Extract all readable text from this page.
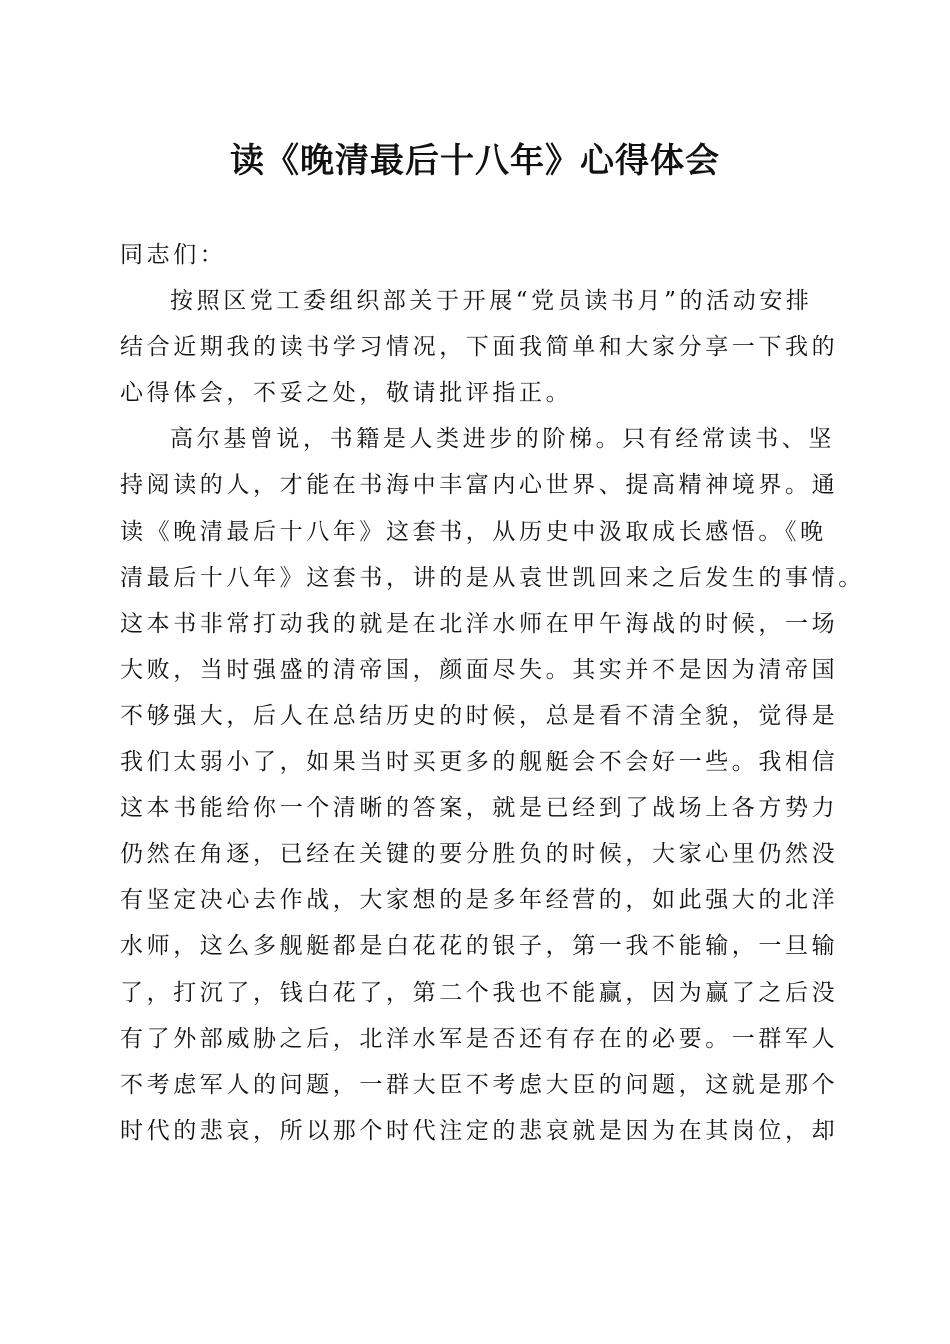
读《晚清最后十八年》心得体会
同志们：
按照区党工委组织部关于开展“党员读书月”的活动安排
结合近期我的读书学习情况，下面我简单和大家分享一下我的
心得体会，不妥之处，敬请批评指正。
高尔基曾说，书籍是人类进步的阶梯。只有经常读书、坚
持阅读的人，才能在书海中丰富内心世界、提高精神境界。通
读《晚清最后十八年》这套书，从历史中汲取成长感悟。《晚
清最后十八年》这套书，讲的是从袁世凯回来之后发生的事情。
这本书非常打动我的就是在北洋水师在甲午海战的时候，一场
大败，当时强盛的清帝国，颜面尽失。其实并不是因为清帝国
不够强大，后人在总结历史的时候，总是看不清全貌，觉得是
我们太弱小了，如果当时买更多的舰艇会不会好一些。我相信
这本书能给你一个清晰的答案，就是已经到了战场上各方势力
仍然在角逐，已经在关键的要分胜负的时候，大家心里仍然没
有坚定决心去作战，大家想的是多年经营的，如此强大的北洋
水师，这么多舰艇都是白花花的银子，第一我不能输，一旦输
了，打沉了，钱白花了，第二个我也不能赢，因为赢了之后没
有了外部威胁之后，北洋水军是否还有存在的必要。一群军人
不考虑军人的问题，一群大臣不考虑大臣的问题，这就是那个
时代的悲哀，所以那个时代注定的悲哀就是因为在其岗位，却
